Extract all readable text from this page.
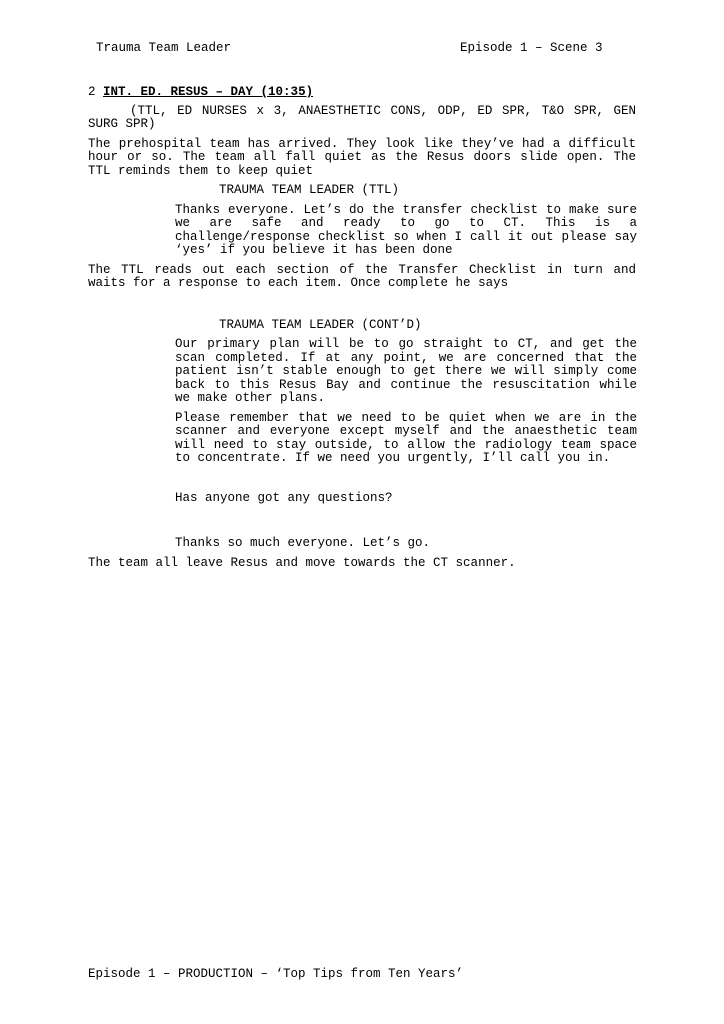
Trauma Team Leader	Episode 1 – Scene 3
2 INT. ED. RESUS – DAY (10:35)
(TTL, ED NURSES x 3, ANAESTHETIC CONS, ODP, ED SPR, T&O SPR, GEN SURG SPR)
The prehospital team has arrived. They look like they’ve had a difficult hour or so. The team all fall quiet as the Resus doors slide open. The TTL reminds them to keep quiet
TRAUMA TEAM LEADER (TTL)
Thanks everyone. Let’s do the transfer checklist to make sure we are safe and ready to go to CT. This is a challenge/response checklist so when I call it out please say ‘yes’ if you believe it has been done
The TTL reads out each section of the Transfer Checklist in turn and waits for a response to each item. Once complete he says
TRAUMA TEAM LEADER (CONT’D)
Our primary plan will be to go straight to CT, and get the scan completed. If at any point, we are concerned that the patient isn’t stable enough to get there we will simply come back to this Resus Bay and continue the resuscitation while we make other plans.
Please remember that we need to be quiet when we are in the scanner and everyone except myself and the anaesthetic team will need to stay outside, to allow the radiology team space to concentrate. If we need you urgently, I’ll call you in.
Has anyone got any questions?
Thanks so much everyone. Let’s go.
The team all leave Resus and move towards the CT scanner.
Episode 1 – PRODUCTION – ‘Top Tips from Ten Years’
